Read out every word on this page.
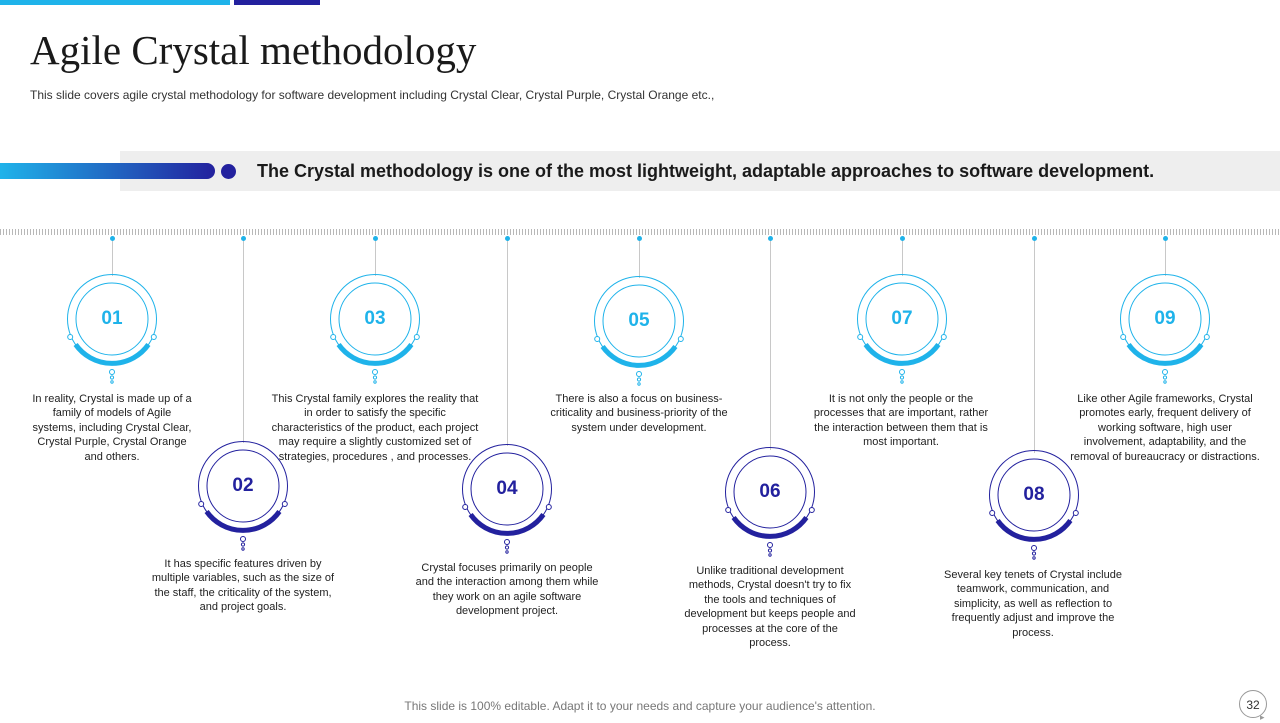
Agile Crystal methodology
This slide covers agile crystal methodology for software development including Crystal Clear, Crystal Purple, Crystal Orange etc.,
The Crystal methodology is one of the most lightweight, adaptable approaches to software development.
01
In reality, Crystal is made up of a family of models of Agile systems, including Crystal Clear, Crystal Purple, Crystal Orange and others.
02
It has specific features driven by multiple variables, such as the size of the staff, the criticality of the system, and project goals.
03
This Crystal family explores the reality that in order to satisfy the specific characteristics of the product, each project may require a slightly customized set of strategies, procedures , and processes.
04
Crystal focuses primarily on people and the interaction among them while they work on an agile software development project.
05
There is also a focus on business-criticality and business-priority of the system under development.
06
Unlike traditional development methods, Crystal doesn't try to fix the tools and techniques of development but keeps people and processes at the core of the process.
07
It is not only the people or the processes that are important, rather the interaction between them that is most important.
08
Several key tenets of Crystal include teamwork, communication, and simplicity, as well as reflection to frequently adjust and improve the process.
09
Like other Agile frameworks, Crystal promotes early, frequent delivery of working software, high user involvement, adaptability, and the removal of bureaucracy or distractions.
This slide is 100% editable. Adapt it to your needs and capture your audience's attention.	32
▸
